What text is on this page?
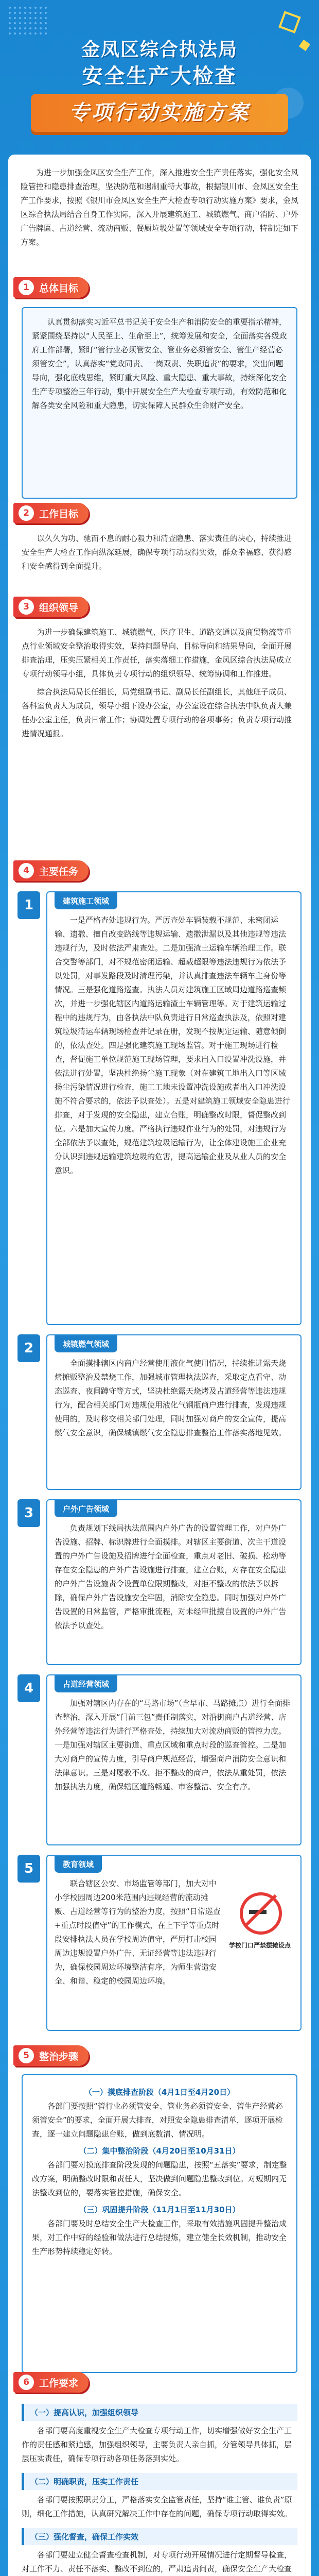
金凤区综合执法局
安全生产大检查
专项行动实施方案

为进一步加强金凤区安全生产工作，深入推进安全生产责任落实，强化安全风险管控和隐患排查治理，坚决防范和遏制重特大事故，根据银川市、金凤区安全生产工作要求，按照《银川市金凤区安全生产大检查专项行动实施方案》要求，金凤区综合执法局结合自身工作实际，深入开展建筑施工、城镇燃气、商户消防、户外广告牌匾、占道经营、流动商贩、餐厨垃圾处置等领域安全专项行动，特制定如下方案。

1	总体目标

认真贯彻落实习近平总书记关于安全生产和消防安全的重要指示精神，紧紧围绕坚持以“人民至上、生命至上”，统筹发展和安全，全面落实各级政府工作部署，紧盯“管行业必须管安全、管业务必须管安全、管生产经营必须管安全”，认真落实“党政同责、一岗双责、失职追责”的要求，突出问题导向，强化底线思维，紧盯重大风险、重大隐患、重大事故，持续深化安全生产专项整治三年行动，集中开展安全生产大检查专项行动，有效防范和化解各类安全风险和重大隐患，切实保障人民群众生命财产安全。

2	工作目标

以久久为功、驰而不息的耐心毅力和清查隐患、落实责任的决心，持续推进安全生产大检查工作向纵深延展，确保专项行动取得实效，群众幸福感、获得感和安全感得到全面提升。

3	组织领导

为进一步确保建筑施工、城镇燃气、医疗卫生、道路交通以及商贸物流等重点行业领域安全整治取得实效，坚持问题导向、目标导向和结果导向，全面开展排查治理，压实压紧相关工作责任，落实落细工作措施，金凤区综合执法局成立专项行动领导小组，具体负责专项行动的组织领导、统筹协调和工作推进。

综合执法局局长任组长，局党组副书记、副局长任副组长，其他班子成员、各科室负责人为成员，领导小组下设办公室，办公室设在综合执法中队负责人兼任办公室主任，负责日常工作；协调处置专项行动的各项事务；负责专项行动推进情况通报。

4	主要任务
1	建筑施工领域

一是严格查处违规行为。严厉查处车辆装载不规范、未密闭运输、遗撒、擅自改变路线等违规运输、遗撒泄漏以及其他违规等违法违规行为，及时依法严肃查处。二是加强渣土运输车辆治理工作。联合交警等部门，对不规范密闭运输、超载超限等违法违规行为依法予以处罚，对事发路段及时清理污染，并认真排查违法车辆车主身份等情况。三是强化道路巡查。执法人员对建筑施工区域周边道路巡查频次，并进一步强化辖区内道路运输渣土车辆管理等。对于建筑运输过程中的违规行为，由各执法中队负责进行日常巡查执法及，依照对建筑垃圾清运车辆现场检查并记录在册，发现不按规定运输、随意倾倒的，依法查处。四是强化建筑施工现场监管。对于施工现场进行检查，督促施工单位规范施工现场管理，要求出入口设置冲洗设施，并依法进行处置，坚决杜绝扬尘施工现象（对在建筑工地出入口等区域扬尘污染情况进行检查，施工工地未设置冲洗设施或者出入口冲洗设施不符合要求的，依法予以查处）。五是对建筑施工领域安全隐患进行排查，对于发现的安全隐患，建立台账，明确整改时限，督促整改到位。六是加大宣传力度。严格执行违规作业行为的处罚，对违规行为全部依法予以查处，规范建筑垃圾运输行为，让全体建设施工企业充分认识到违规运输建筑垃圾的危害，提高运输企业及从业人员的安全意识。

2	城镇燃气领域

全面摸排辖区内商户经营使用液化气使用情况，持续推进露天烧烤摊贩整治及禁烧工作，加强城市管理执法巡查，采取定点看守、动态巡查、夜间蹲守等方式，坚决杜绝露天烧烤及占道经营等违法违规行为，配合相关部门对违规使用液化气钢瓶商户进行排查，发现违规使用的，及时移交相关部门处理，同时加强对商户的安全宣传，提高燃气安全意识，确保城镇燃气安全隐患排查整治工作落实落地见效。

3	户外广告领域

负责规划下线局执法范围内户外广告的设置管理工作，对户外广告设施、招牌、标识牌进行全面摸排。对辖区主要街道、次主干道设置的户外广告设施及招牌进行全面检查，重点对老旧、破损、松动等存在安全隐患的户外广告设施进行排查，建立台账，对存在安全隐患的户外广告设施责令设置单位限期整改，对拒不整改的依法予以拆除，确保户外广告设施安全牢固，消除安全隐患。同时加强对户外广告设置的日常监管，严格审批流程，对未经审批擅自设置的户外广告依法予以查处。

4	占道经营领域

加强对辖区内存在的“马路市场”（含早市、马路摊点）进行全面排查整治，深入开展“门前三包”责任制落实，对沿街商户占道经营、店外经营等违法行为进行严格查处，持续加大对流动商贩的管控力度。一是加强对辖区主要街道、重点区域和重点时段的巡查管控。二是加大对商户的宣传力度，引导商户规范经营，增强商户消防安全意识和法律意识。三是对屡教不改、拒不整改的商户，依法从重处罚，依法加强执法力度，确保辖区道路畅通、市容整洁、安全有序。

5	教育领域

联合辖区公安、市场监管等部门，加大对中小学校园周边200米范围内违规经营的流动摊贩、占道经营等行为的整治力度，按照“日常巡查+重点时段值守”的工作模式，在上下学等重点时段安排执法人员在学校周边值守，严厉打击校园周边违规设置户外广告、无证经营等违法违规行为，确保校园周边环境整洁有序，为师生营造安全、和谐、稳定的校园周边环境。

学校门口严禁摆摊设点
5	整治步骤
（一）摸底排查阶段（4月1日至4月20日）

各部门要按照“管行业必须管安全、管业务必须管安全、管生产经营必须管安全”的要求，全面开展大排查，对照安全隐患排查清单，逐项开展检查，逐一建立问题隐患台账，做到底数清、情况明。

（二）集中整治阶段（4月20日至10月31日）

各部门要对摸底排查阶段发现的问题隐患，按照“五落实”要求，制定整改方案，明确整改时限和责任人，坚决做到问题隐患整改到位。对短期内无法整改到位的，要落实管控措施，确保安全。

（三）巩固提升阶段（11月1日至11月30日）

各部门要及时总结安全生产大检查工作，采取有效措施巩固提升整治成果，对工作中好的经验和做法进行总结提炼，建立健全长效机制，推动安全生产形势持续稳定好转。

6	工作要求
（一）提高认识，加强组织领导

各部门要高度重视安全生产大检查专项行动工作，切实增强做好安全生产工作的责任感和紧迫感，加强组织领导，主要负责人亲自抓，分管领导具体抓，层层压实责任，确保专项行动各项任务落到实处。

（二）明确职责，压实工作责任

各部门要按照职责分工，严格落实安全监管责任，坚持“谁主管、谁负责”原则，细化工作措施，认真研究解决工作中存在的问题，确保专项行动取得实效。

（三）强化督查，确保工作实效

各部门要建立健全督查检查机制，对专项行动开展情况进行定期督导检查，对工作不力、责任不落实、整改不到位的，严肃追责问责，确保安全生产大检查
